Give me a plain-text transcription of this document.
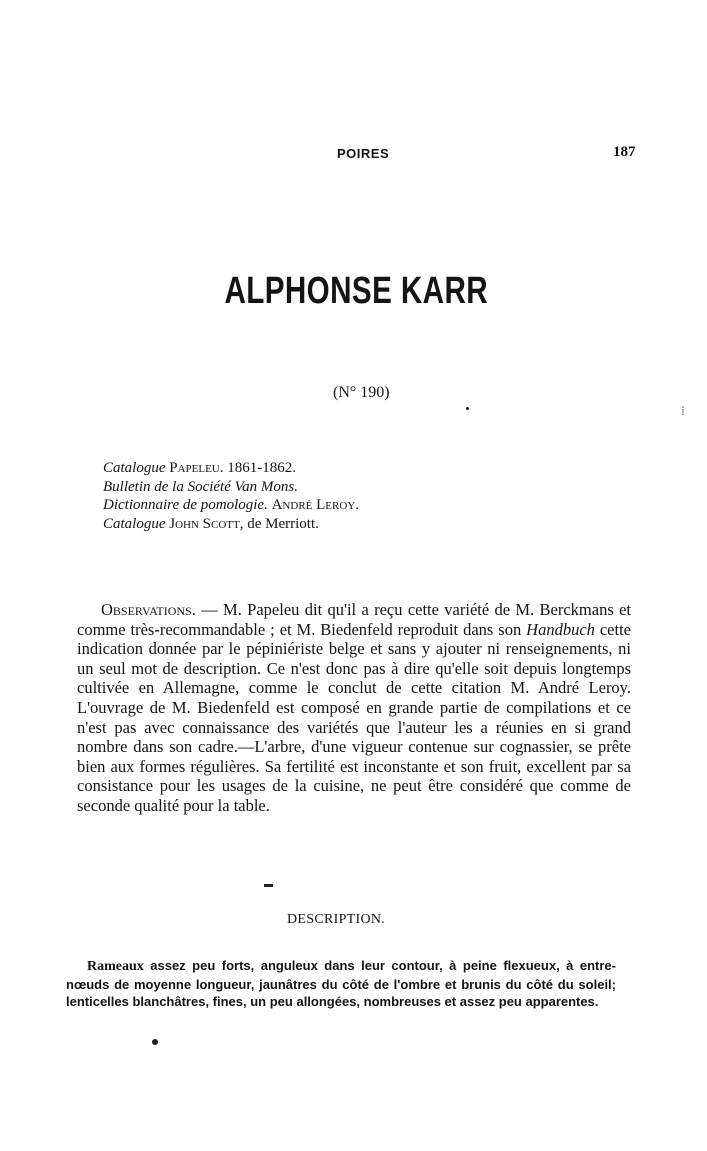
POIRES	187
ALPHONSE KARR
(N° 190)
Catalogue Papeleu. 1861-1862.
Bulletin de la Société Van Mons.
Dictionnaire de pomologie. André Leroy.
Catalogue John Scott, de Merriott.
Observations. — M. Papeleu dit qu'il a reçu cette variété de M. Berckmans et comme très-recommandable ; et M. Biedenfeld reproduit dans son Handbuch cette indication donnée par le pépiniériste belge et sans y ajouter ni renseignements, ni un seul mot de description. Ce n'est donc pas à dire qu'elle soit depuis longtemps cultivée en Allemagne, comme le conclut de cette citation M. André Leroy. L'ouvrage de M. Biedenfeld est composé en grande partie de compilations et ce n'est pas avec connaissance des variétés que l'auteur les a réunies en si grand nombre dans son cadre.—L'arbre, d'une vigueur contenue sur cognassier, se prête bien aux formes régulières. Sa fertilité est inconstante et son fruit, excellent par sa consistance pour les usages de la cuisine, ne peut être considéré que comme de seconde qualité pour la table.
DESCRIPTION.
Rameaux assez peu forts, anguleux dans leur contour, à peine flexueux, à entre-nœuds de moyenne longueur, jaunâtres du côté de l'ombre et brunis du côté du soleil; lenticelles blanchâtres, fines, un peu allongées, nombreuses et assez peu apparentes.
⁞
